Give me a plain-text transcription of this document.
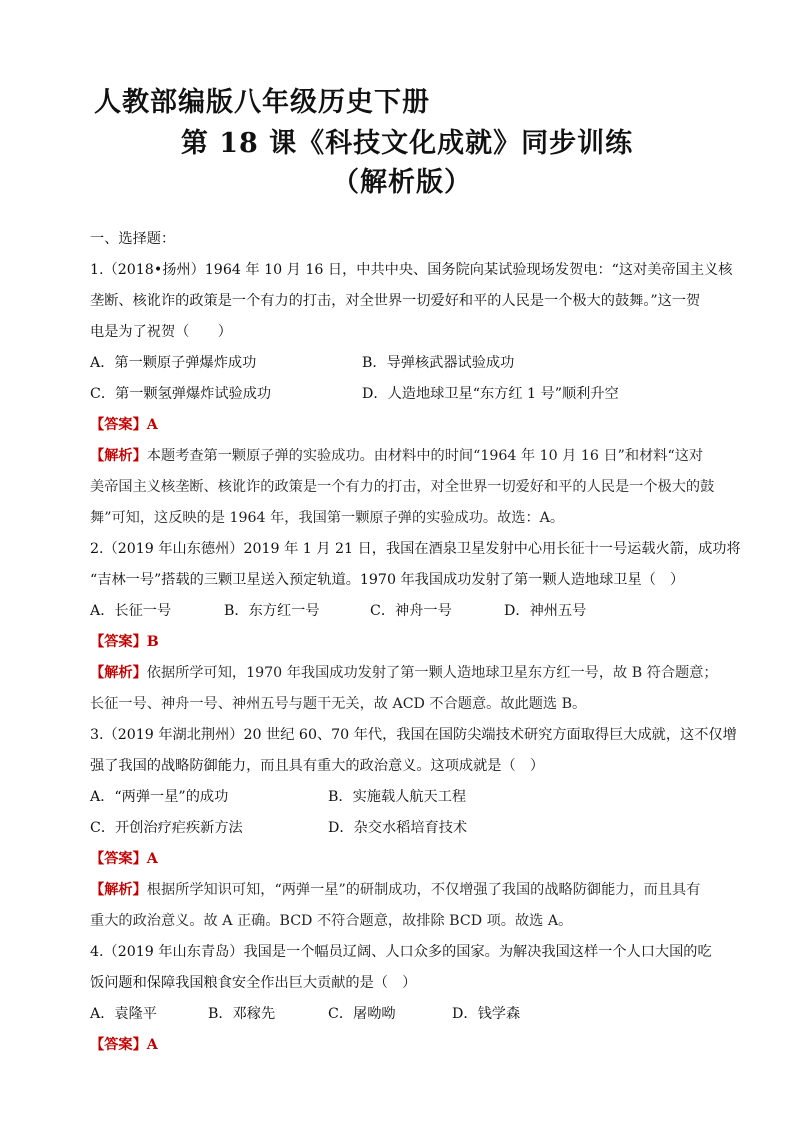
人教部编版八年级历史下册
第 18 课《科技文化成就》同步训练
（解析版）
一、选择题：
1.（2018•扬州）1964 年 10 月 16 日，中共中央、国务院向某试验现场发贺电：“这对美帝国主义核
垄断、核讹诈的政策是一个有力的打击，对全世界一切爱好和平的人民是一个极大的鼓舞。”这一贺
电是为了祝贺（　　）
A．第一颗原子弹爆炸成功	B．导弹核武器试验成功
C．第一颗氢弹爆炸试验成功	D．人造地球卫星“东方红 1 号”顺利升空
【答案】A
【解析】本题考查第一颗原子弹的实验成功。由材料中的时间“1964 年 10 月 16 日”和材料“这对
美帝国主义核垄断、核讹诈的政策是一个有力的打击，对全世界一切爱好和平的人民是一个极大的鼓
舞”可知，这反映的是 1964 年，我国第一颗原子弹的实验成功。故选：A。
2.（2019 年山东德州）2019 年 1 月 21 日，我国在酒泉卫星发射中心用长征十一号运载火箭，成功将
“吉林一号”搭载的三颗卫星送入预定轨道。1970 年我国成功发射了第一颗人造地球卫星（　）
A．长征一号	B．东方红一号	C．神舟一号	D．神州五号
【答案】B
【解析】依据所学可知，1970 年我国成功发射了第一颗人造地球卫星东方红一号，故 B 符合题意；
长征一号、神舟一号、神州五号与题干无关，故 ACD 不合题意。故此题选 B。
3.（2019 年湖北荆州）20 世纪 60、70 年代，我国在国防尖端技术研究方面取得巨大成就，这不仅增
强了我国的战略防御能力，而且具有重大的政治意义。这项成就是（　）
A．“两弹一星”的成功	B．实施载人航天工程
C．开创治疗疟疾新方法	D．杂交水稻培育技术
【答案】A
【解析】根据所学知识可知，“两弹一星”的研制成功，不仅增强了我国的战略防御能力，而且具有
重大的政治意义。故 A 正确。BCD 不符合题意，故排除 BCD 项。故选 A。
4.（2019 年山东青岛）我国是一个幅员辽阔、人口众多的国家。为解决我国这样一个人口大国的吃
饭问题和保障我国粮食安全作出巨大贡献的是（　）
A．袁隆平	B．邓稼先	C．屠呦呦	D．钱学森
【答案】A
